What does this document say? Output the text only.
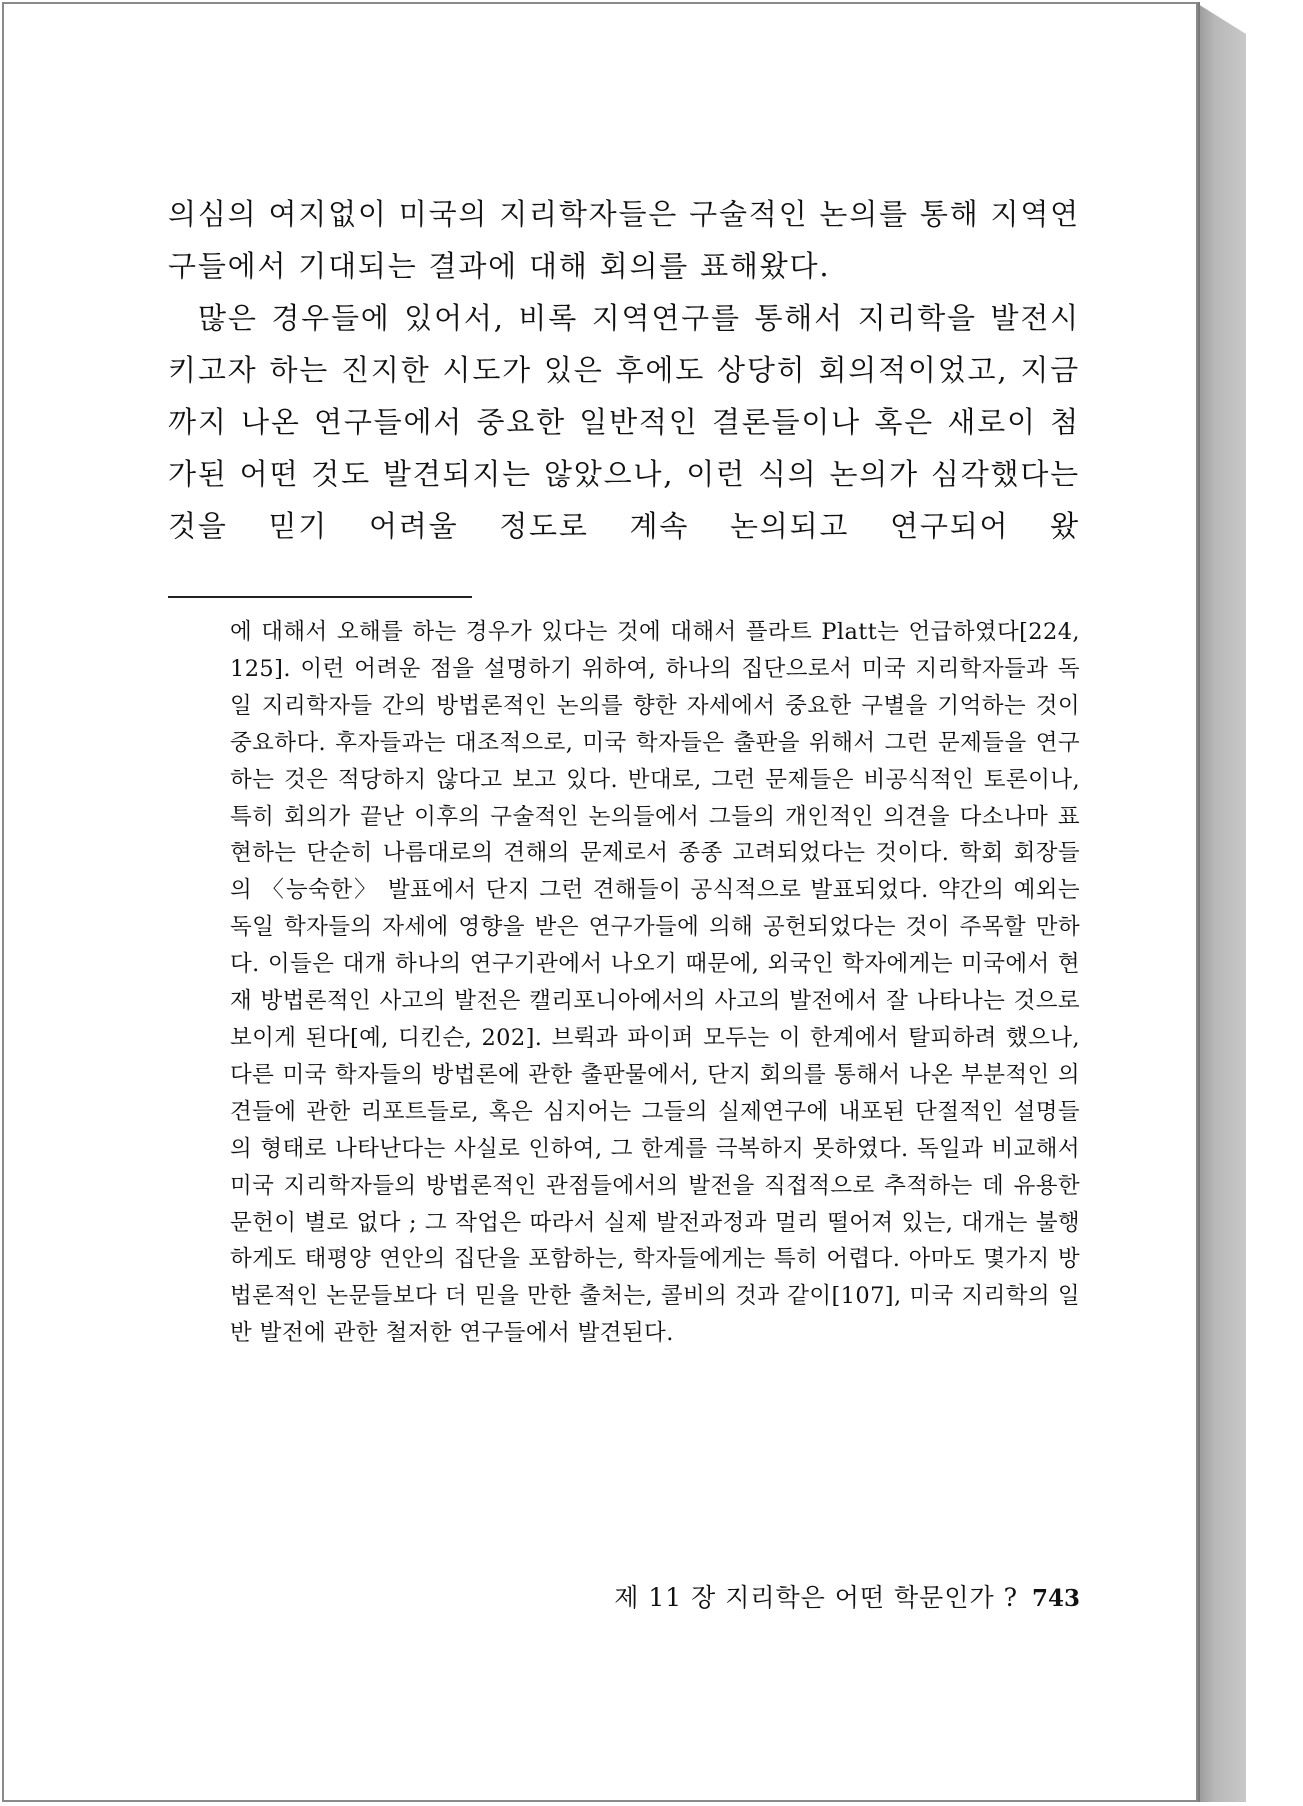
의심의 여지없이 미국의 지리학자들은 구술적인 논의를 통해 지역연구들에서 기대되는 결과에 대해 회의를 표해왔다.

많은 경우들에 있어서, 비록 지역연구를 통해서 지리학을 발전시키고자 하는 진지한 시도가 있은 후에도 상당히 회의적이었고, 지금까지 나온 연구들에서 중요한 일반적인 결론들이나 혹은 새로이 첨가된 어떤 것도 발견되지는 않았으나, 이런 식의 논의가 심각했다는 것을 믿기 어려울 정도로 계속 논의되고 연구되어 왔

에 대해서 오해를 하는 경우가 있다는 것에 대해서 플라트 Platt는 언급하였다[224, 125]. 이런 어려운 점을 설명하기 위하여, 하나의 집단으로서 미국 지리학자들과 독일 지리학자들 간의 방법론적인 논의를 향한 자세에서 중요한 구별을 기억하는 것이 중요하다. 후자들과는 대조적으로, 미국 학자들은 출판을 위해서 그런 문제들을 연구하는 것은 적당하지 않다고 보고 있다. 반대로, 그런 문제들은 비공식적인 토론이나, 특히 회의가 끝난 이후의 구술적인 논의들에서 그들의 개인적인 의견을 다소나마 표현하는 단순히 나름대로의 견해의 문제로서 종종 고려되었다는 것이다. 학회 회장들의 〈능숙한〉 발표에서 단지 그런 견해들이 공식적으로 발표되었다. 약간의 예외는 독일 학자들의 자세에 영향을 받은 연구가들에 의해 공헌되었다는 것이 주목할 만하다. 이들은 대개 하나의 연구기관에서 나오기 때문에, 외국인 학자에게는 미국에서 현재 방법론적인 사고의 발전은 캘리포니아에서의 사고의 발전에서 잘 나타나는 것으로 보이게 된다[예, 디킨슨, 202]. 브뤽과 파이퍼 모두는 이 한계에서 탈피하려 했으나, 다른 미국 학자들의 방법론에 관한 출판물에서, 단지 회의를 통해서 나온 부분적인 의견들에 관한 리포트들로, 혹은 심지어는 그들의 실제연구에 내포된 단절적인 설명들의 형태로 나타난다는 사실로 인하여, 그 한계를 극복하지 못하였다. 독일과 비교해서 미국 지리학자들의 방법론적인 관점들에서의 발전을 직접적으로 추적하는 데 유용한 문헌이 별로 없다 ; 그 작업은 따라서 실제 발전과정과 멀리 떨어져 있는, 대개는 불행하게도 태평양 연안의 집단을 포함하는, 학자들에게는 특히 어렵다. 아마도 몇가지 방법론적인 논문들보다 더 믿을 만한 출처는, 콜비의 것과 같이[107], 미국 지리학의 일반 발전에 관한 철저한 연구들에서 발견된다.

제 11 장 지리학은 어떤 학문인가 ? 743
